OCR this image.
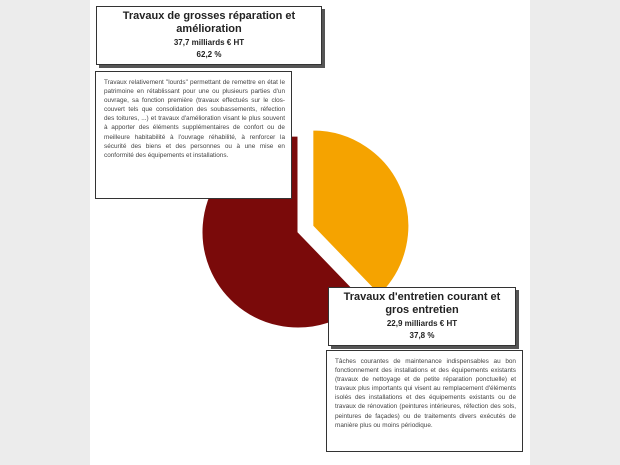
Travaux de grosses réparation et amélioration
37,7 milliards € HT
62,2 %
Travaux relativement "lourds" permettant de remettre en état le patrimoine en rétablissant pour une ou plusieurs parties d'un ouvrage, sa fonction première (travaux effectués sur le clos-couvert tels que consolidation des soubassements, réfection des toitures, ...) et travaux d'amélioration visant le plus souvent à apporter des éléments supplémentaires de confort ou de meilleure habitabilité à l'ouvrage réhabilité, à renforcer la sécurité des biens et des personnes ou à une mise en conformité des équipements et installations.
Travaux d'entretien courant et gros entretien
22,9 milliards € HT
37,8 %
Tâches courantes de maintenance indispensables au bon fonctionnement des installations et des équipements existants (travaux de nettoyage et de petite réparation ponctuelle) et travaux plus importants qui visent au remplacement d'éléments isolés des installations et des équipements existants ou de travaux de rénovation (peintures intérieures, réfection des sols, peintures de façades) ou de traitements divers exécutés de manière plus ou moins périodique.
